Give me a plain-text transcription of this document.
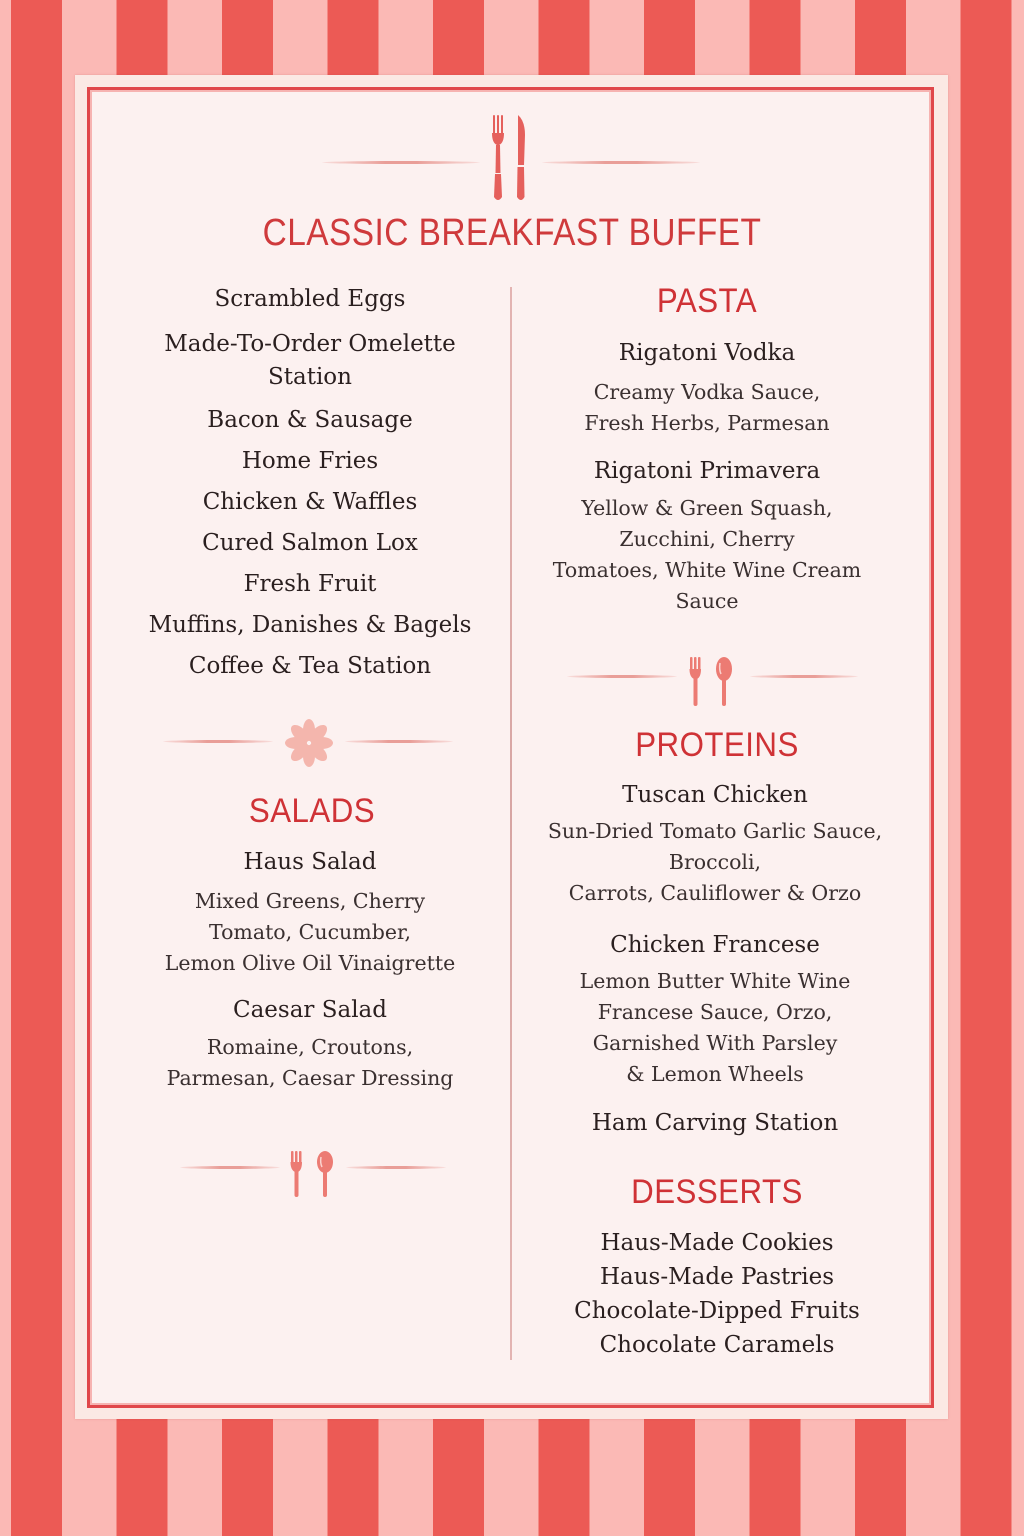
CLASSIC BREAKFAST BUFFET
Scrambled Eggs
Made-To-Order Omelette
Station
Bacon & Sausage
Home Fries
Chicken & Waffles
Cured Salmon Lox
Fresh Fruit
Muffins, Danishes & Bagels
Coffee & Tea Station
SALADS
Haus Salad
Mixed Greens, Cherry
Tomato, Cucumber,
Lemon Olive Oil Vinaigrette
Caesar Salad
Romaine, Croutons,
Parmesan, Caesar Dressing
PASTA
Rigatoni Vodka
Creamy Vodka Sauce,
Fresh Herbs, Parmesan
Rigatoni Primavera
Yellow & Green Squash,
Zucchini, Cherry
Tomatoes, White Wine Cream
Sauce
PROTEINS
Tuscan Chicken
Sun-Dried Tomato Garlic Sauce,
Broccoli,
Carrots, Cauliflower & Orzo
Chicken Francese
Lemon Butter White Wine
Francese Sauce, Orzo,
Garnished With Parsley
& Lemon Wheels
Ham Carving Station
DESSERTS
Haus-Made Cookies
Haus-Made Pastries
Chocolate-Dipped Fruits
Chocolate Caramels
